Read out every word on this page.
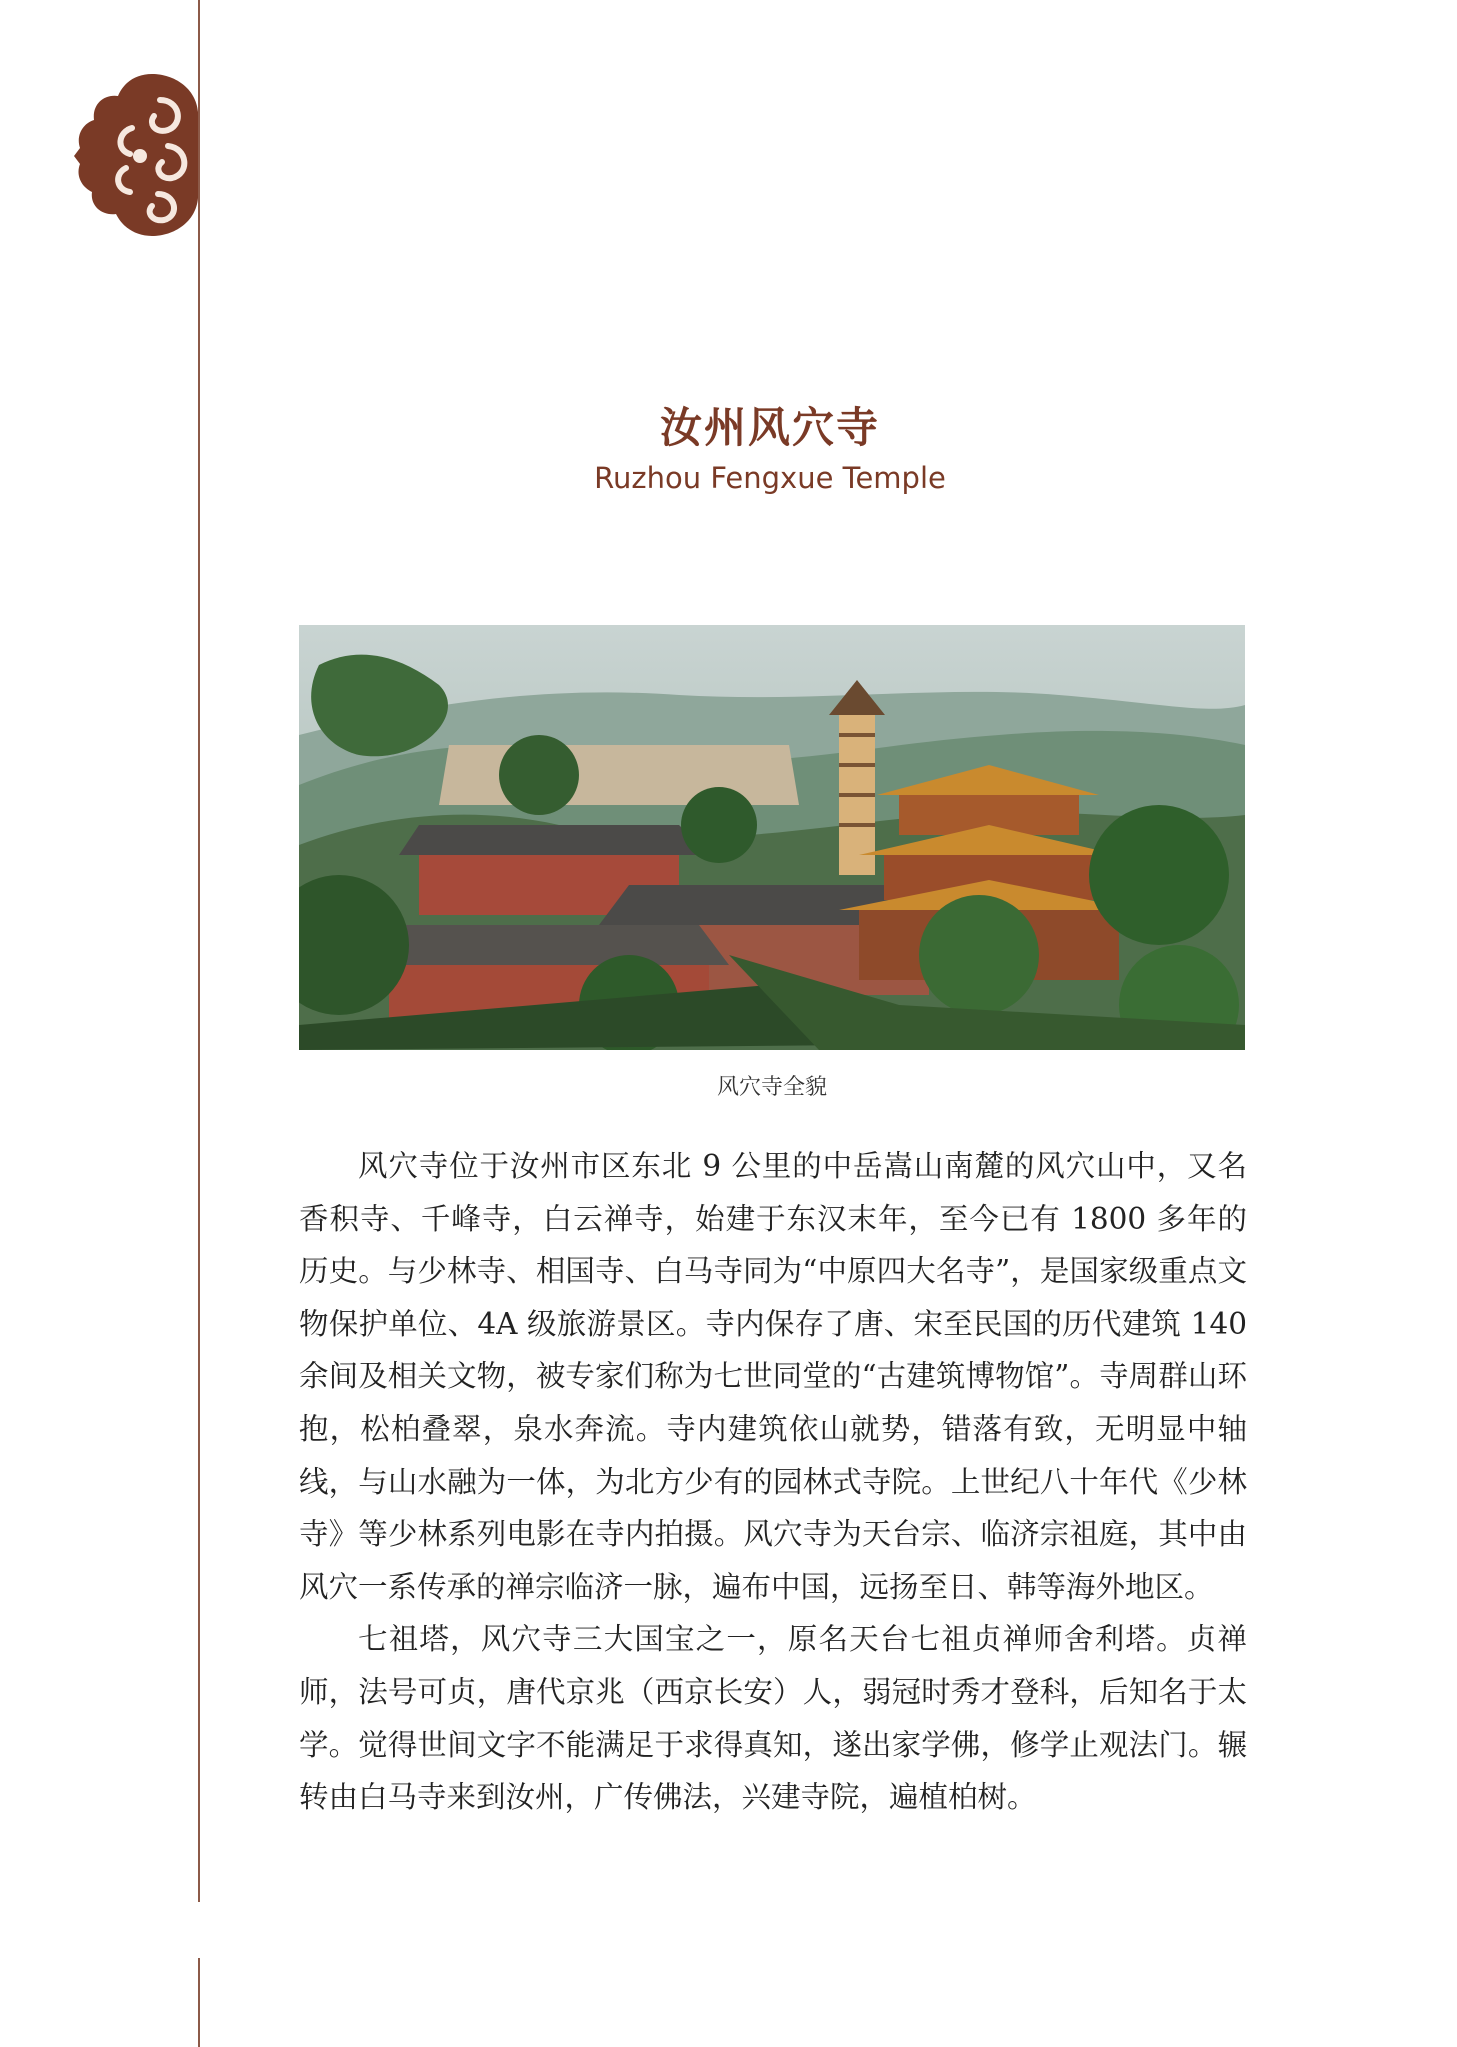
汝州风穴寺
Ruzhou Fengxue Temple
风穴寺全貌

风穴寺位于汝州市区东北 9 公里的中岳嵩山南麓的风穴山中，又名香积寺、千峰寺，白云禅寺，始建于东汉末年，至今已有 1800 多年的历史。与少林寺、相国寺、白马寺同为“中原四大名寺”，是国家级重点文物保护单位、4A 级旅游景区。寺内保存了唐、宋至民国的历代建筑 140 余间及相关文物，被专家们称为七世同堂的“古建筑博物馆”。寺周群山环抱，松柏叠翠，泉水奔流。寺内建筑依山就势，错落有致，无明显中轴线，与山水融为一体，为北方少有的园林式寺院。上世纪八十年代《少林寺》等少林系列电影在寺内拍摄。风穴寺为天台宗、临济宗祖庭，其中由风穴一系传承的禅宗临济一脉，遍布中国，远扬至日、韩等海外地区。

七祖塔，风穴寺三大国宝之一，原名天台七祖贞禅师舍利塔。贞禅师，法号可贞，唐代京兆（西京长安）人，弱冠时秀才登科，后知名于太学。觉得世间文字不能满足于求得真知，遂出家学佛，修学止观法门。辗转由白马寺来到汝州，广传佛法，兴建寺院，遍植柏树。
